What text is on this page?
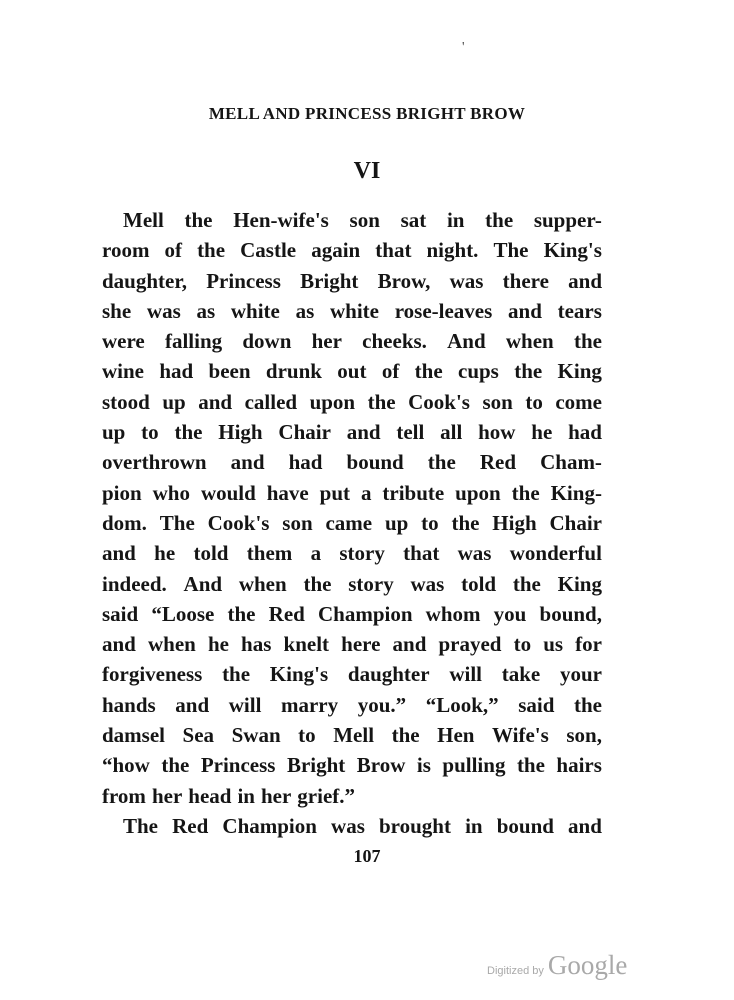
'
MELL AND PRINCESS BRIGHT BROW
VI
Mell the Hen-wife's son sat in the supper-
room of the Castle again that night. The King's
daughter, Princess Bright Brow, was there and
she was as white as white rose-leaves and tears
were falling down her cheeks. And when the
wine had been drunk out of the cups the King
stood up and called upon the Cook's son to come
up to the High Chair and tell all how he had
overthrown and had bound the Red Cham-
pion who would have put a tribute upon the King-
dom. The Cook's son came up to the High Chair
and he told them a story that was wonderful
indeed. And when the story was told the King
said “Loose the Red Champion whom you bound,
and when he has knelt here and prayed to us for
forgiveness the King's daughter will take your
hands and will marry you.” “Look,” said the
damsel Sea Swan to Mell the Hen Wife's son,
“how the Princess Bright Brow is pulling the hairs
from her head in her grief.”
The Red Champion was brought in bound and
107
Digitized by Google
